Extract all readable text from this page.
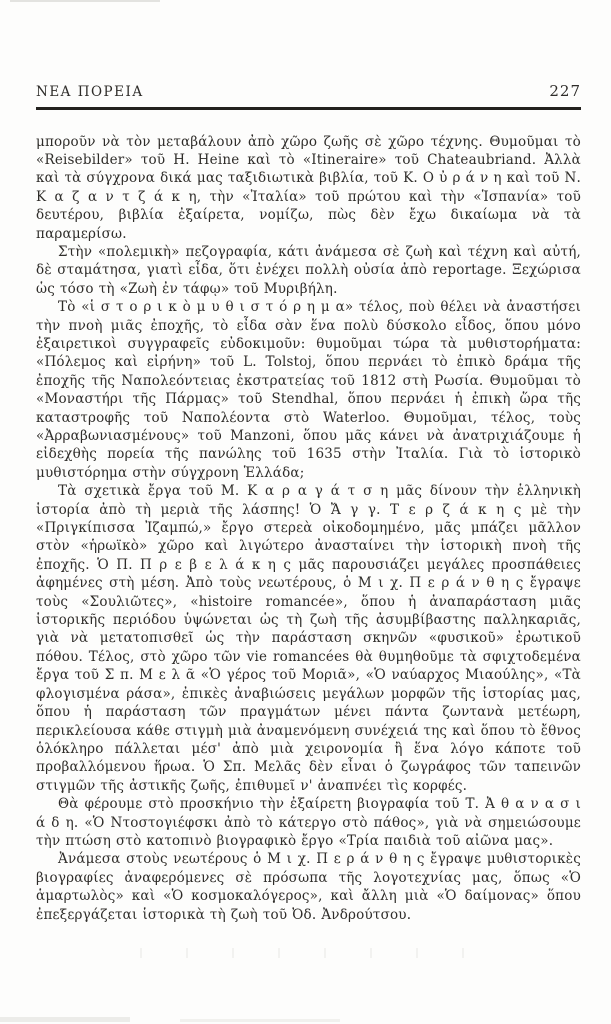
ΝΕΑ ΠΟΡΕΙΑ	227

μποροῦν νὰ τὸν μεταβάλουν ἀπὸ χῶρο ζωῆς σὲ χῶρο τέχνης. Θυμοῦμαι τὸ «Reisebilder» τοῦ H. Heine καὶ τὸ «Itineraire» τοῦ Chateaubriand. Ἀλλὰ καὶ τὰ σύγχρονα δικά μας ταξιδιωτικὰ βιβλία, τοῦ Κ. Ο ὐ ρ ά ν η καὶ τοῦ Ν. Κ α ζ α ν τ ζ ά κ η, τὴν «Ἰταλία» τοῦ πρώτου καὶ τὴν «Ἱσπανία» τοῦ δευτέρου, βιβλία ἐξαίρετα, νομίζω, πὼς δὲν ἔχω δικαίωμα νὰ τὰ παραμερίσω.

Στὴν «πολεμικὴ» πεζογραφία, κάτι ἀνάμεσα σὲ ζωὴ καὶ τέχνη καὶ αὐτή, δὲ σταμάτησα, γιατὶ εἶδα, ὅτι ἐνέχει πολλὴ οὐσία ἀπὸ reportage. Ξεχώρισα ὡς τόσο τὴ «Ζωὴ ἐν τάφῳ» τοῦ Μυριβήλη.

Τὸ «ἱ σ τ ο ρ ι κ ὸ μ υ θ ι σ τ ό ρ η μ α» τέλος, ποὺ θέλει νὰ ἀναστήσει τὴν πνοὴ μιᾶς ἐποχῆς, τὸ εἶδα σὰν ἕνα πολὺ δύσκολο εἶδος, ὅπου μόνο ἐξαιρετικοὶ συγγραφεῖς εὐδοκιμοῦν: θυμοῦμαι τώρα τὰ μυθιστορήματα: «Πόλεμος καὶ εἰρήνη» τοῦ L. Tolstoj, ὅπου περνάει τὸ ἐπικὸ δράμα τῆς ἐποχῆς τῆς Ναπολεόντειας ἐκστρατείας τοῦ 1812 στὴ Ρωσία. Θυμοῦμαι τὸ «Μοναστήρι τῆς Πάρμας» τοῦ Stendhal, ὅπου περνάει ἡ ἐπικὴ ὥρα τῆς καταστροφῆς τοῦ Ναπολέοντα στὸ Waterloo. Θυμοῦμαι, τέλος, τοὺς «Ἀρραβωνιασμένους» τοῦ Manzoni, ὅπου μᾶς κάνει νὰ ἀνατριχιάζουμε ἡ εἰδεχθὴς πορεία τῆς πανώλης τοῦ 1635 στὴν Ἰταλία. Γιὰ τὸ ἱστορικὸ μυθιστόρημα στὴν σύγχρονη Ἑλλάδα;

Τὰ σχετικὰ ἔργα τοῦ Μ. Κ α ρ α γ ά τ σ η μᾶς δίνουν τὴν ἑλληνικὴ ἱστορία ἀπὸ τὴ μεριὰ τῆς λάσπης! Ὁ Ἄ γ γ. Τ ε ρ ζ ά κ η ς μὲ τὴν «Πριγκίπισσα Ἰζαμπώ,» ἔργο στερεὰ οἰκοδομημένο, μᾶς μπάζει μᾶλλον στὸν «ἡρωϊκὸ» χῶρο καὶ λιγώτερο ἀνασταίνει τὴν ἱστορικὴ πνοὴ τῆς ἐποχῆς. Ὁ Π. Π ρ ε β ε λ ά κ η ς μᾶς παρουσιάζει μεγάλες προσπάθειες ἀφημένες στὴ μέση. Ἀπὸ τοὺς νεωτέρους, ὁ Μ ι χ. Π ε ρ ά ν θ η ς ἔγραψε τοὺς «Σουλιῶτες», «histoire romancée», ὅπου ἡ ἀναπαράσταση μιᾶς ἱστορικῆς περιόδου ὑψώνεται ὡς τὴ ζωὴ τῆς ἀσυμβίβαστης παλληκαριᾶς, γιὰ νὰ μετατοπισθεῖ ὡς τὴν παράσταση σκηνῶν «φυσικοῦ» ἐρωτικοῦ πόθου. Τέλος, στὸ χῶρο τῶν vie romancées θὰ θυμηθοῦμε τὰ σφιχτοδεμένα ἔργα τοῦ Σ π. Μ ε λ ᾶ «Ὁ γέρος τοῦ Μοριᾶ», «Ὁ ναύαρχος Μιαούλης», «Τὰ φλογισμένα ράσα», ἐπικὲς ἀναβιώσεις μεγάλων μορφῶν τῆς ἱστορίας μας, ὅπου ἡ παράσταση τῶν πραγμάτων μένει πάντα ζωντανὰ μετέωρη, περικλείουσα κάθε στιγμὴ μιὰ ἀναμενόμενη συνέχειά της καὶ ὅπου τὸ ἔθνος ὁλόκληρο πάλλεται μέσ' ἀπὸ μιὰ χειρονομία ἢ ἕνα λόγο κάποτε τοῦ προβαλλόμενου ἥρωα. Ὁ Σπ. Μελᾶς δὲν εἶναι ὁ ζωγράφος τῶν ταπεινῶν στιγμῶν τῆς ἀστικῆς ζωῆς, ἐπιθυμεῖ ν' ἀναπνέει τὶς κορφές.

Θὰ φέρουμε στὸ προσκήνιο τὴν ἐξαίρετη βιογραφία τοῦ Τ. Ἀ θ α ν α σ ι ά δ η. «Ὁ Ντοστογιέφσκι ἀπὸ τὸ κάτεργο στὸ πάθος», γιὰ νὰ σημειώσουμε τὴν πτώση στὸ κατοπινὸ βιογραφικὸ ἔργο «Τρία παιδιὰ τοῦ αἰῶνα μας».

Ἀνάμεσα στοὺς νεωτέρους ὁ Μ ι χ. Π ε ρ ά ν θ η ς ἔγραψε μυθιστορικὲς βιογραφίες ἀναφερόμενες σὲ πρόσωπα τῆς λογοτεχνίας μας, ὅπως «Ὁ ἁμαρτωλὸς» καὶ «Ὁ κοσμοκαλόγερος», καὶ ἄλλη μιὰ «Ὁ δαίμονας» ὅπου ἐπεξεργάζεται ἱστορικὰ τὴ ζωὴ τοῦ Ὀδ. Ἀνδρούτσου.
